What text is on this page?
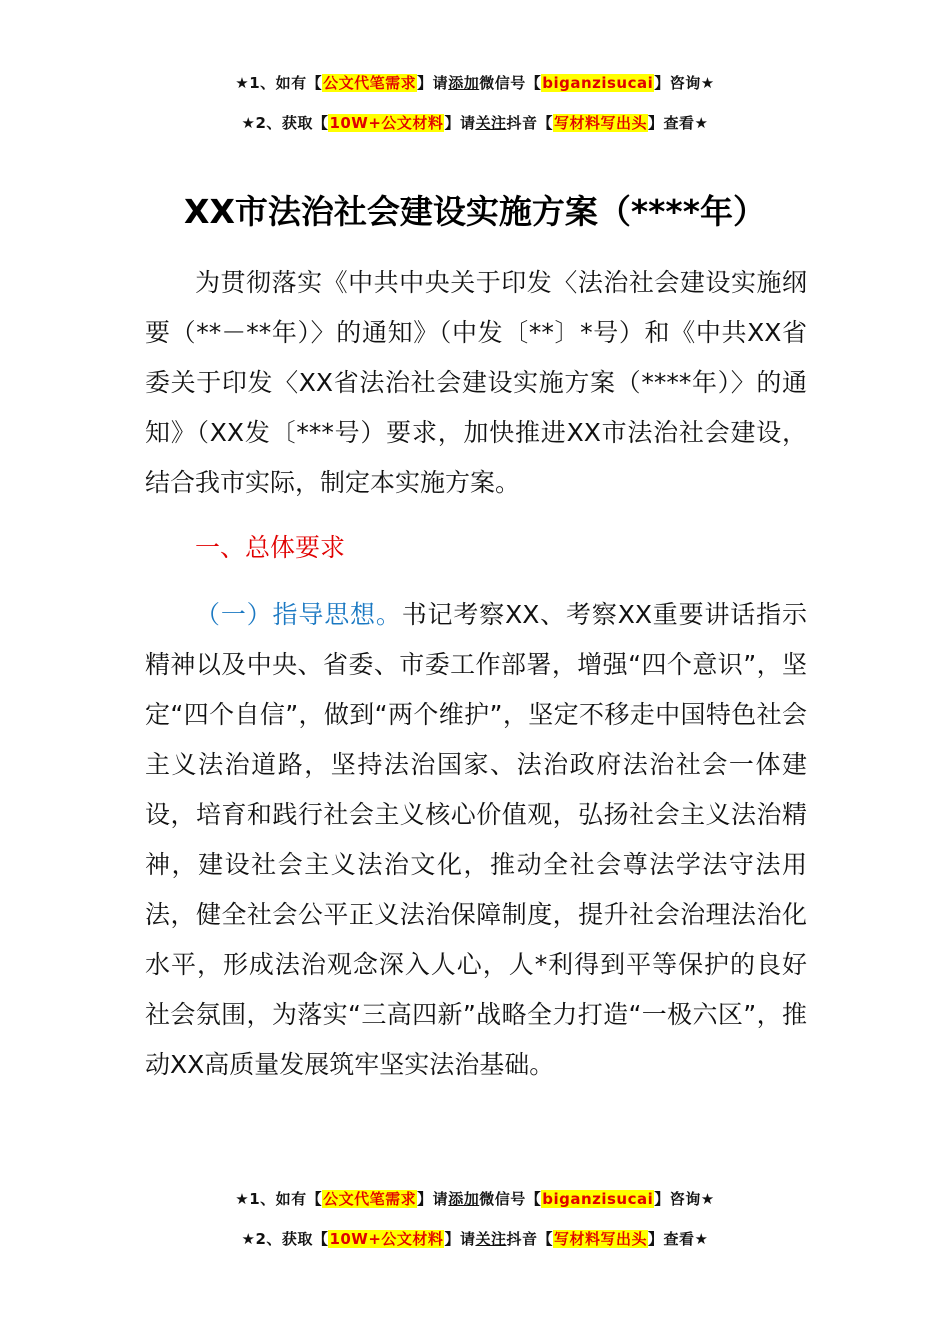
★1、如有【公文代笔需求】请添加微信号【biganzisucai】咨询★
★2、获取【10W+公文材料】请关注抖音【写材料写出头】查看★
XX市法治社会建设实施方案（****年）

为贯彻落实《中共中央关于印发〈法治社会建设实施纲要（**－**年）〉的通知》（中发〔**〕*号）和《中共XX省委关于印发〈XX省法治社会建设实施方案（****年）〉的通知》（XX发〔***号）要求，加快推进XX市法治社会建设，结合我市实际，制定本实施方案。

一、总体要求

（一）指导思想。书记考察XX、考察XX重要讲话指示精神以及中央、省委、市委工作部署，增强“四个意识”，坚定“四个自信”，做到“两个维护”，坚定不移走中国特色社会主义法治道路，坚持法治国家、法治政府法治社会一体建设，培育和践行社会主义核心价值观，弘扬社会主义法治精神，建设社会主义法治文化，推动全社会尊法学法守法用法，健全社会公平正义法治保障制度，提升社会治理法治化水平，形成法治观念深入人心，人*利得到平等保护的良好社会氛围，为落实“三高四新”战略全力打造“一极六区”，推动XX高质量发展筑牢坚实法治基础。

★1、如有【公文代笔需求】请添加微信号【biganzisucai】咨询★
★2、获取【10W+公文材料】请关注抖音【写材料写出头】查看★
